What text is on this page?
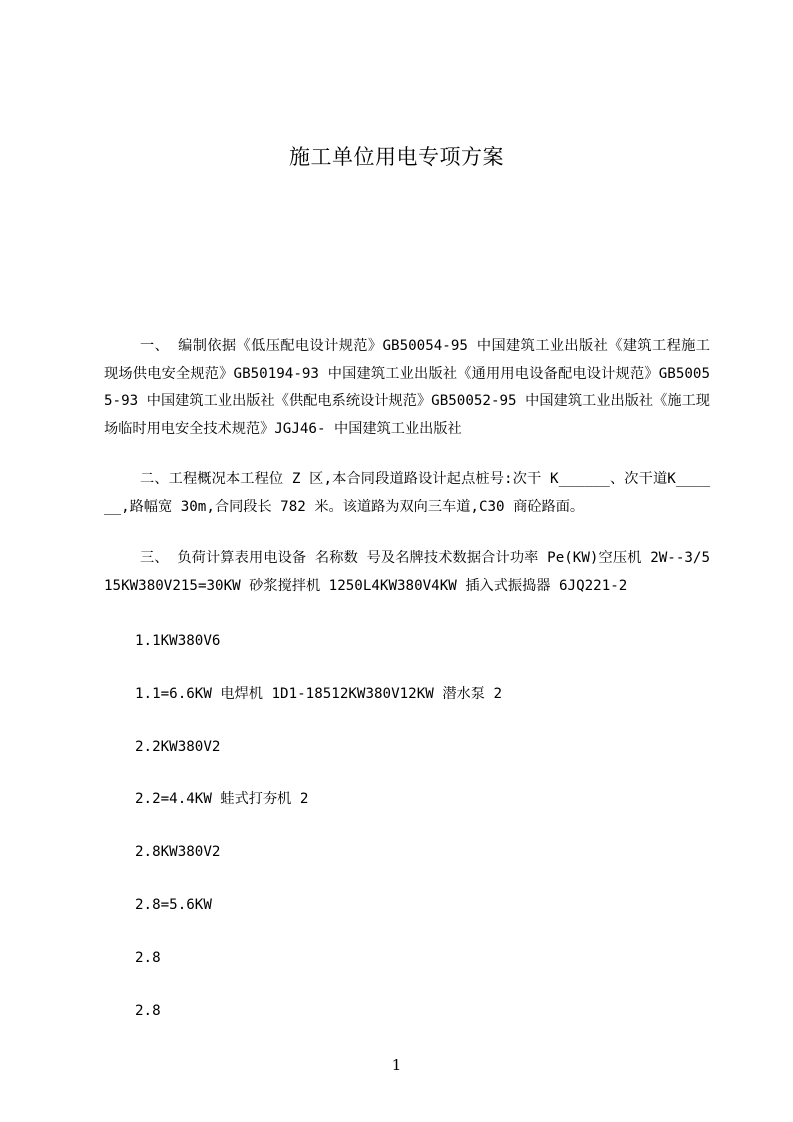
施工单位用电专项方案
一、 编制依据《低压配电设计规范》GB50054-95 中国建筑工业出版社《建筑工程施工现场供电安全规范》GB50194-93 中国建筑工业出版社《通用用电设备配电设计规范》GB50055-93 中国建筑工业出版社《供配电系统设计规范》GB50052-95 中国建筑工业出版社《施工现场临时用电安全技术规范》JGJ46- 中国建筑工业出版社
二、工程概况本工程位 Z 区,本合同段道路设计起点桩号:次干 K______、次干道K______,路幅宽 30m,合同段长 782 米。该道路为双向三车道,C30 商砼路面。
三、 负荷计算表用电设备 名称数 号及名牌技术数据合计功率 Pe(KW)空压机 2W--3/515KW380V215=30KW 砂浆搅拌机 1250L4KW380V4KW 插入式振捣器 6JQ221-2
1.1KW380V6
1.1=6.6KW 电焊机 1D1-18512KW380V12KW 潜水泵 2
2.2KW380V2
2.2=4.4KW 蛙式打夯机 2
2.8KW380V2
2.8=5.6KW
2.8
2.8
1
